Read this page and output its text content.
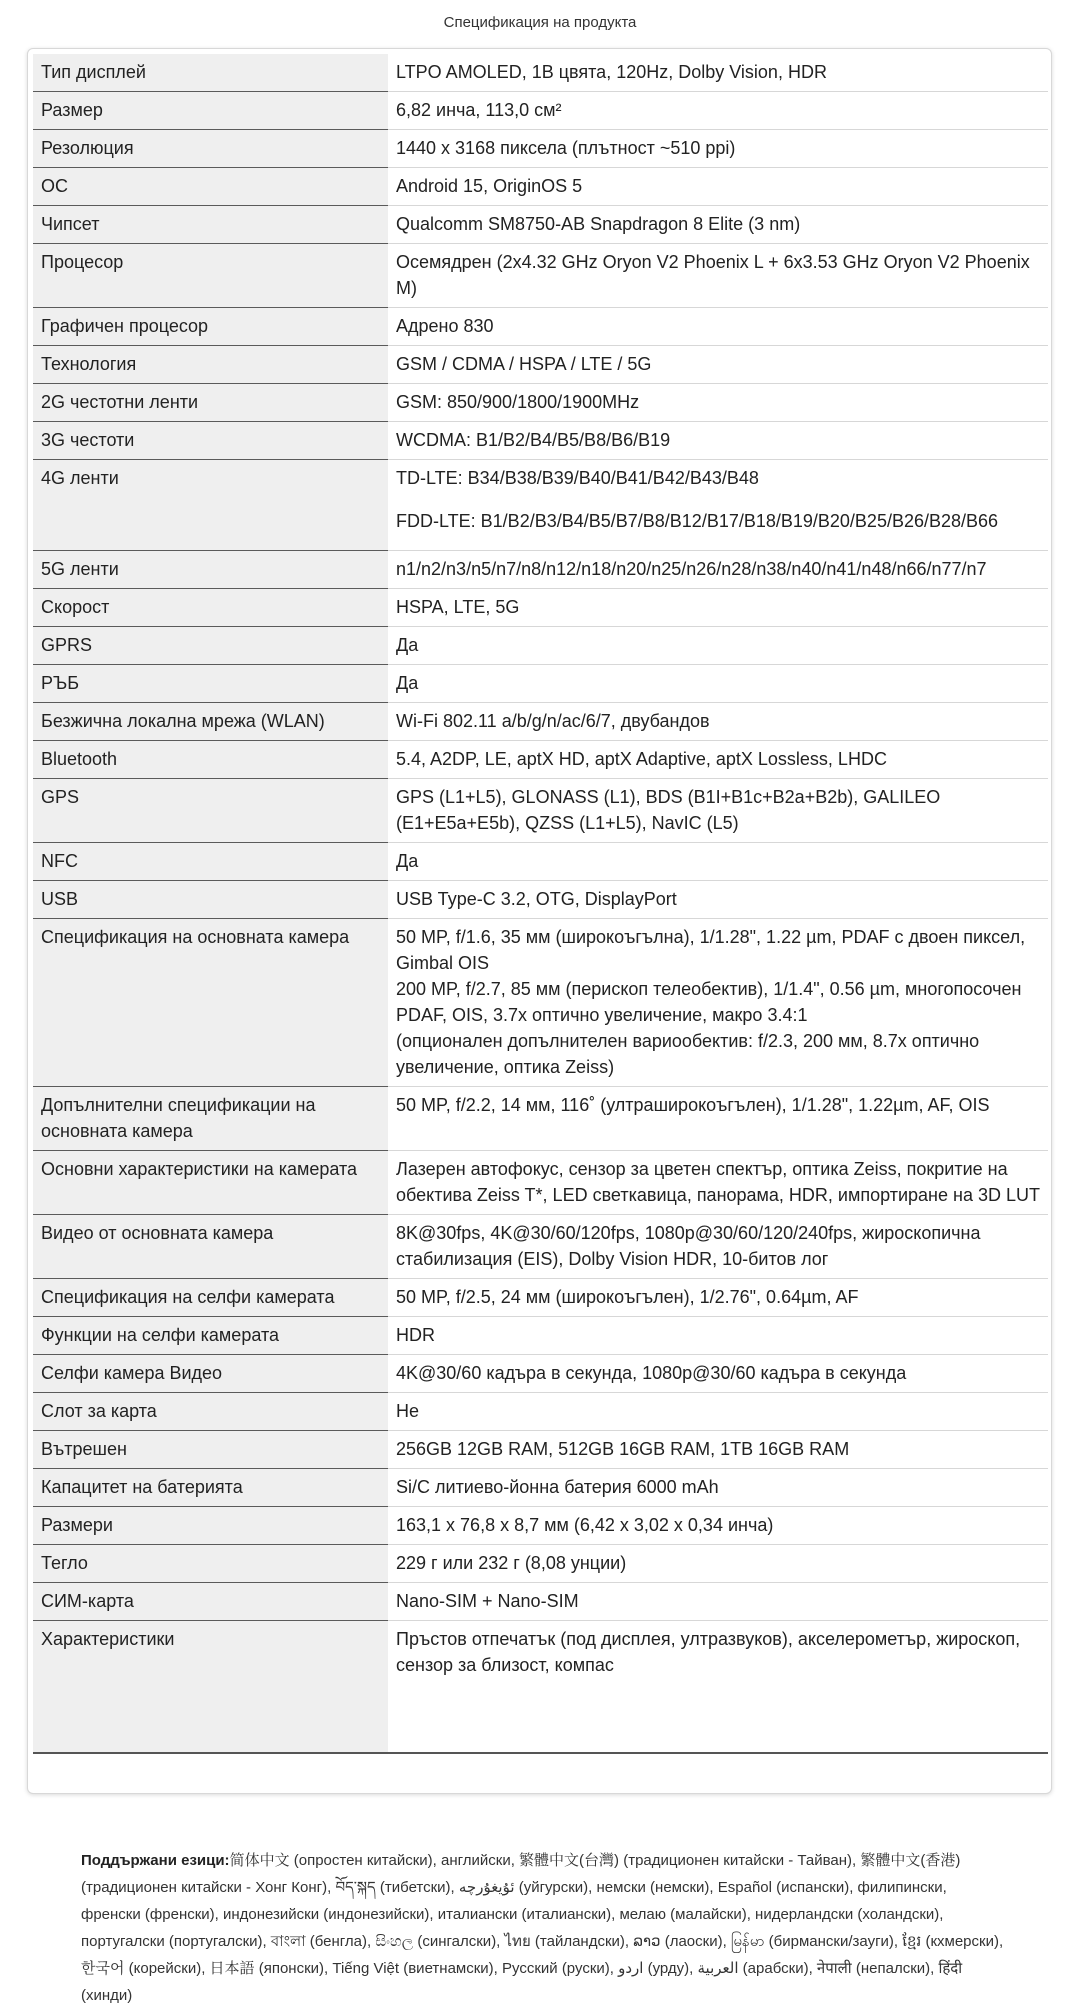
Спецификация на продукта
Тип дисплей	LTPO AMOLED, 1B цвята, 120Hz, Dolby Vision, HDR

Размер	6,82 инча, 113,0 см²

Резолюция	1440 x 3168 пиксела (плътност ~510 ppi)

ОС	Android 15, OriginOS 5

Чипсет	Qualcomm SM8750-AB Snapdragon 8 Elite (3 nm)

Процесор	Осемядрен (2x4.32 GHz Oryon V2 Phoenix L + 6x3.53 GHz Oryon V2 Phoenix M)

Графичен процесор	Адрено 830

Технология	GSM / CDMA / HSPA / LTE / 5G

2G честотни ленти	GSM: 850/900/1800/1900MHz

3G честоти	WCDMA: B1/B2/B4/B5/B8/B6/B19

4G ленти	TD-LTE: B34/B38/B39/B40/B41/B42/B43/B48
FDD-LTE: B1/B2/B3/B4/B5/B7/B8/B12/B17/B18/B19/B20/B25/B26/B28/B66

5G ленти	n1/n2/n3/n5/n7/n8/n12/n18/n20/n25/n26/n28/n38/n40/n41/n48/n66/n77/n7

Скорост	HSPA, LTE, 5G

GPRS	Да

РЪБ	Да

Безжична локална мрежа (WLAN)	Wi-Fi 802.11 a/b/g/n/ac/6/7, двубандов

Bluetooth	5.4, A2DP, LE, aptX HD, aptX Adaptive, aptX Lossless, LHDC

GPS	GPS (L1+L5), GLONASS (L1), BDS (B1I+B1c+B2a+B2b), GALILEO (E1+E5a+E5b), QZSS (L1+L5), NavIC (L5)

NFC	Да

USB	USB Type-C 3.2, OTG, DisplayPort

Спецификация на основната камера	50 MP, f/1.6, 35 мм (широкоъгълна), 1/1.28", 1.22 µm, PDAF с двоен пиксел, Gimbal OIS
200 MP, f/2.7, 85 мм (перископ телеобектив), 1/1.4", 0.56 µm, многопосочен PDAF, OIS, 3.7x оптично увеличение, макро 3.4:1
(опционален допълнителен вариообектив: f/2.3, 200 мм, 8.7x оптично увеличение, оптика Zeiss)

Допълнителни спецификации на основната камера	50 MP, f/2.2, 14 мм, 116˚ (ултраширокоъгълен), 1/1.28", 1.22µm, AF, OIS

Основни характеристики на камерата	Лазерен автофокус, сензор за цветен спектър, оптика Zeiss, покритие на обектива Zeiss T*, LED светкавица, панорама, HDR, импортиране на 3D LUT

Видео от основната камера	8K@30fps, 4K@30/60/120fps, 1080p@30/60/120/240fps, жироскопична стабилизация (EIS), Dolby Vision HDR, 10-битов лог

Спецификация на селфи камерата	50 MP, f/2.5, 24 мм (широкоъгълен), 1/2.76", 0.64µm, AF

Функции на селфи камерата	HDR

Селфи камера Видео	4K@30/60 кадъра в секунда, 1080p@30/60 кадъра в секунда

Слот за карта	Не

Вътрешен	256GB 12GB RAM, 512GB 16GB RAM, 1TB 16GB RAM

Капацитет на батерията	Si/C литиево-йонна батерия 6000 mAh

Размери	163,1 x 76,8 x 8,7 мм (6,42 x 3,02 x 0,34 инча)

Тегло	229 г или 232 г (8,08 унции)

СИМ-карта	Nano-SIM + Nano-SIM

Характеристики	Пръстов отпечатък (под дисплея, ултразвуков), акселерометър, жироскоп, сензор за близост, компас
Поддържани езици:简体中文 (опростен китайски), английски, 繁體中文(台灣) (традиционен китайски - Тайван), 繁體中文(香港) (традиционен китайски - Хонг Конг), བོད་སྐད (тибетски), ئۇيغۇرچە (уйгурски), немски (немски), Español (испански), филипински, френски (френски), индонезийски (индонезийски), италиански (италиански), мелаю (малайски), нидерландски (холандски), португалски (португалски), বাংলা (бенгла), සිංහල (сингалски), ไทย (тайландски), ລາວ (лаоски), မြန်မာ (бирмански/зауги), ខ្មែរ (кхмерски), 한국어 (корейски), 日本語 (японски), Tiếng Việt (виетнамски), Русский (руски), اردو (урду), العربية (арабски), नेपाली (непалски), हिंदी (хинди)
